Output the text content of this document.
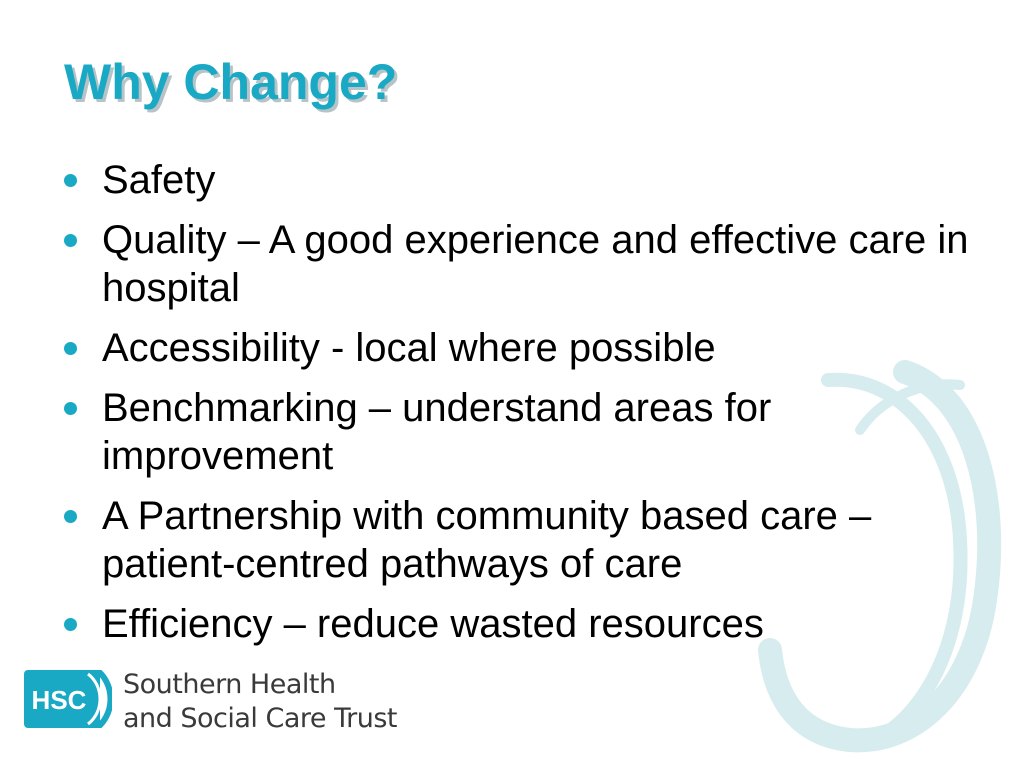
Why Change?
Safety
Quality – A good experience and effective care in hospital
Accessibility - local where possible
Benchmarking – understand areas for improvement
A Partnership with community based care – patient-centred pathways of care
Efficiency – reduce wasted resources
HSC Southern Health
and Social Care Trust
